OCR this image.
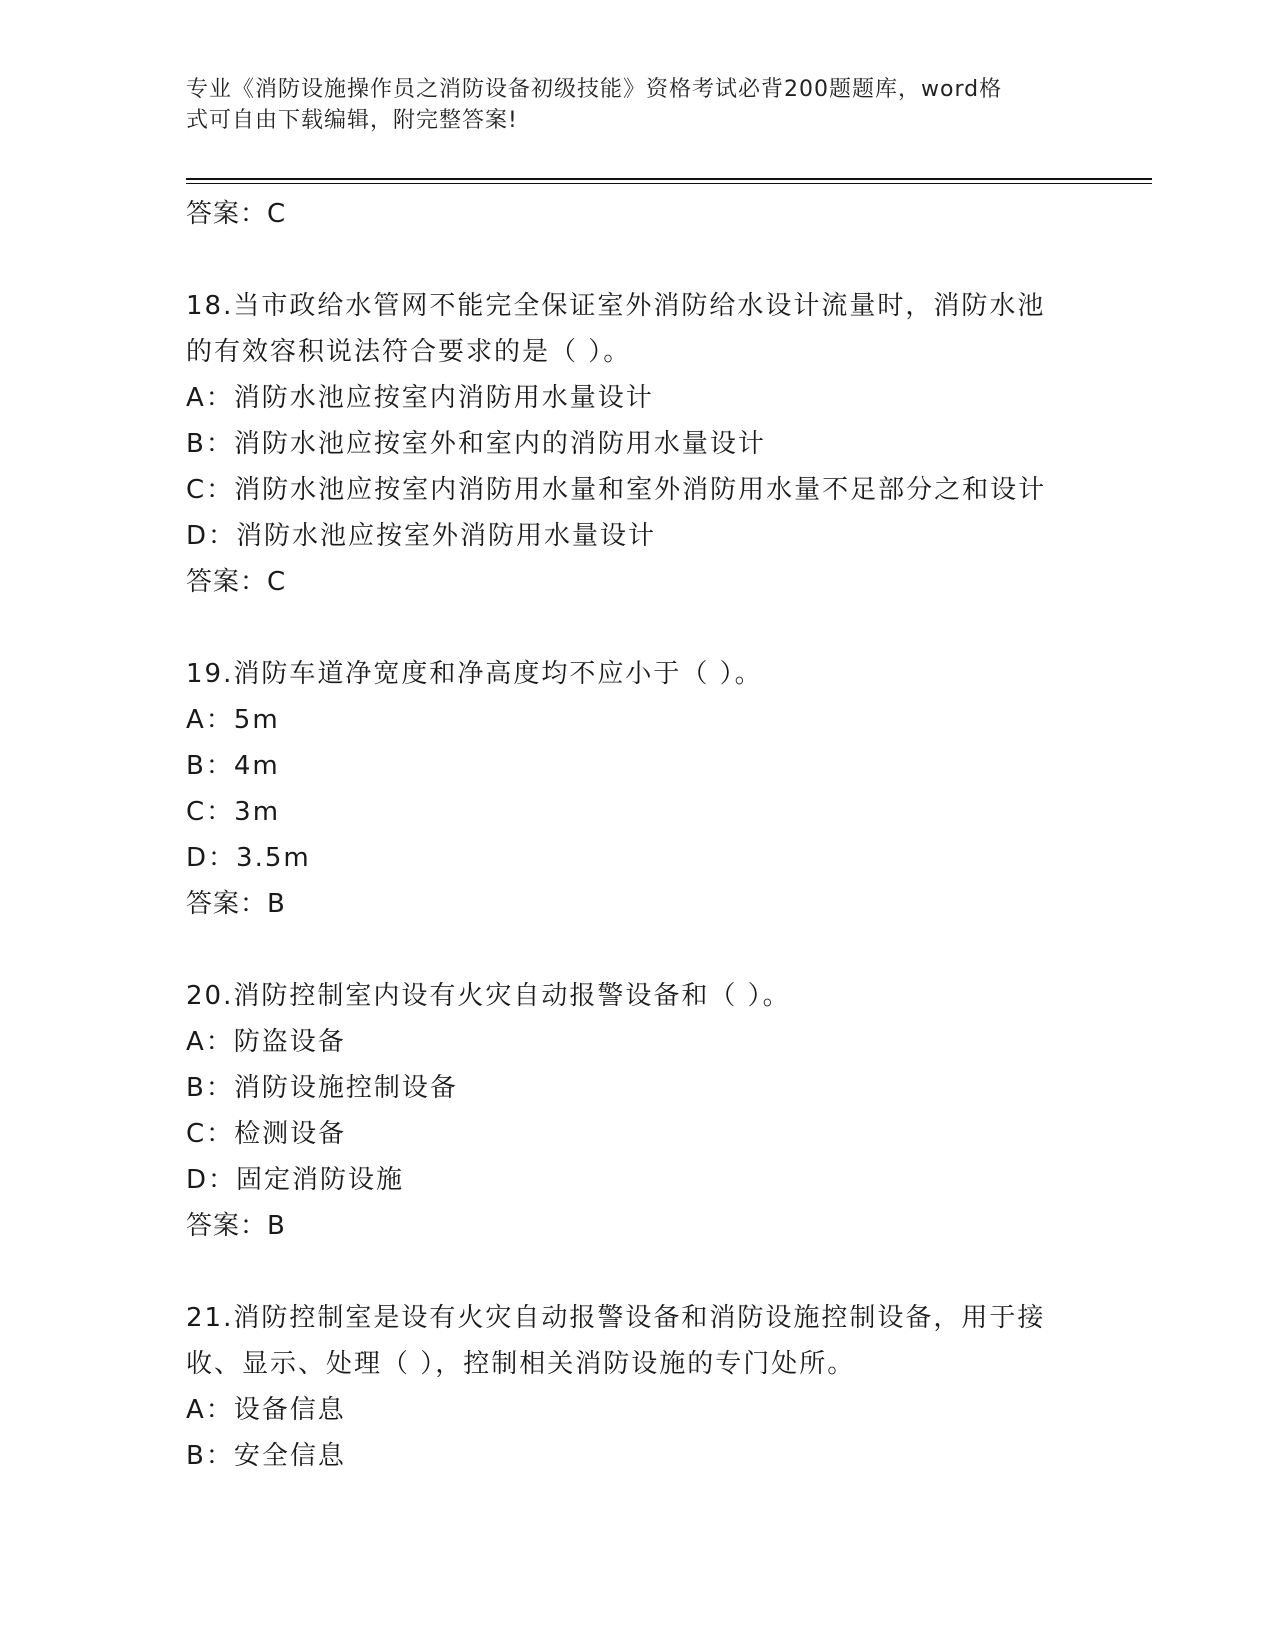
专业《消防设施操作员之消防设备初级技能》资格考试必背200题题库，word格
式可自由下载编辑，附完整答案!
答案：C
18.当市政给水管网不能完全保证室外消防给水设计流量时，消防水池
的有效容积说法符合要求的是（ ）。
A：消防水池应按室内消防用水量设计
B：消防水池应按室外和室内的消防用水量设计
C：消防水池应按室内消防用水量和室外消防用水量不足部分之和设计
D：消防水池应按室外消防用水量设计
答案：C
19.消防车道净宽度和净高度均不应小于（ ）。
A：5m
B：4m
C：3m
D：3.5m
答案：B
20.消防控制室内设有火灾自动报警设备和（ ）。
A：防盗设备
B：消防设施控制设备
C：检测设备
D：固定消防设施
答案：B
21.消防控制室是设有火灾自动报警设备和消防设施控制设备，用于接
收、显示、处理（ ），控制相关消防设施的专门处所。
A：设备信息
B：安全信息
